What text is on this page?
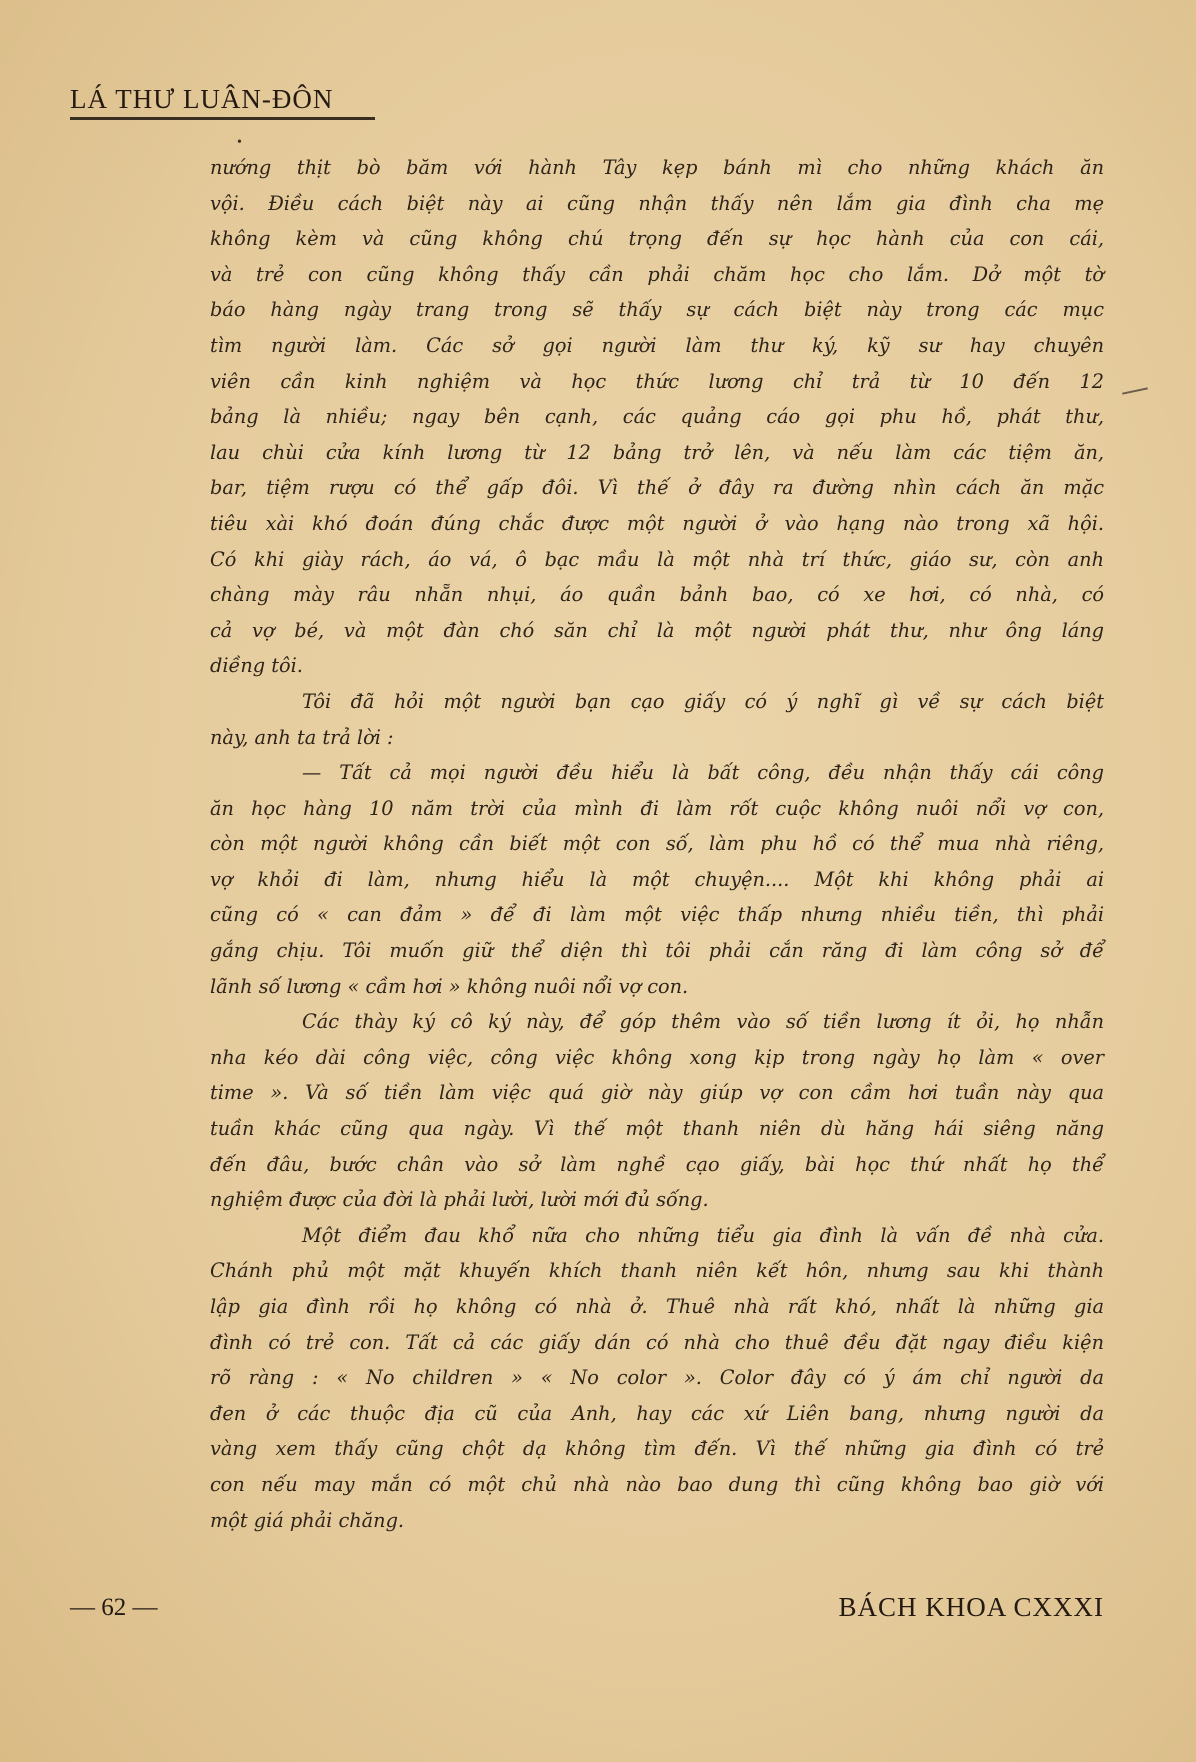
LÁ THƯ LUÂN-ĐÔN
•

nướng thịt bò băm với hành Tây kẹp bánh mì cho những khách ăn
vội. Điều cách biệt này ai cũng nhận thấy nên lắm gia đình cha mẹ
không kèm và cũng không chú trọng đến sự học hành của con cái,
và trẻ con cũng không thấy cần phải chăm học cho lắm. Dở một tờ
báo hàng ngày trang trong sẽ thấy sự cách biệt này trong các mục
tìm người làm. Các sở gọi người làm thư ký, kỹ sư hay chuyên
viên cần kinh nghiệm và học thức lương chỉ trả từ 10 đến 12
bảng là nhiều; ngay bên cạnh, các quảng cáo gọi phu hồ, phát thư,
lau chùi cửa kính lương từ 12 bảng trở lên, và nếu làm các tiệm ăn,
bar, tiệm rượu có thể gấp đôi. Vì thế ở đây ra đường nhìn cách ăn mặc
tiêu xài khó đoán đúng chắc được một người ở vào hạng nào trong xã hội.
Có khi giày rách, áo vá, ô bạc mầu là một nhà trí thức, giáo sư, còn anh
chàng mày râu nhẵn nhụi, áo quần bảnh bao, có xe hơi, có nhà, có
cả vợ bé, và một đàn chó săn chỉ là một người phát thư, như ông láng
diềng tôi.

Tôi đã hỏi một người bạn cạo giấy có ý nghĩ gì về sự cách biệt
này, anh ta trả lời :

— Tất cả mọi người đều hiểu là bất công, đều nhận thấy cái công
ăn học hàng 10 năm trời của mình đi làm rốt cuộc không nuôi nổi vợ con,
còn một người không cần biết một con số, làm phu hồ có thể mua nhà riêng,
vợ khỏi đi làm, nhưng hiểu là một chuyện.... Một khi không phải ai
cũng có « can đảm » để đi làm một việc thấp nhưng nhiều tiền, thì phải
gắng chịu. Tôi muốn giữ thể diện thì tôi phải cắn răng đi làm công sở để
lãnh số lương « cầm hơi » không nuôi nổi vợ con.

Các thày ký cô ký này, để góp thêm vào số tiền lương ít ỏi, họ nhẫn
nha kéo dài công việc, công việc không xong kịp trong ngày họ làm « over
time ». Và số tiền làm việc quá giờ này giúp vợ con cầm hơi tuần này qua
tuần khác cũng qua ngày. Vì thế một thanh niên dù hăng hái siêng năng
đến đâu, bước chân vào sở làm nghề cạo giấy, bài học thứ nhất họ thể
nghiệm được của đời là phải lười, lười mới đủ sống.

Một điểm đau khổ nữa cho những tiểu gia đình là vấn đề nhà cửa.
Chánh phủ một mặt khuyến khích thanh niên kết hôn, nhưng sau khi thành
lập gia đình rồi họ không có nhà ở. Thuê nhà rất khó, nhất là những gia
đình có trẻ con. Tất cả các giấy dán có nhà cho thuê đều đặt ngay điều kiện
rõ ràng : « No children » « No color ». Color đây có ý ám chỉ người da
đen ở các thuộc địa cũ của Anh, hay các xứ Liên bang, nhưng người da
vàng xem thấy cũng chột dạ không tìm đến. Vì thế những gia đình có trẻ
con nếu may mắn có một chủ nhà nào bao dung thì cũng không bao giờ với
một giá phải chăng.

— 62 —	BÁCH KHOA CXXXI
